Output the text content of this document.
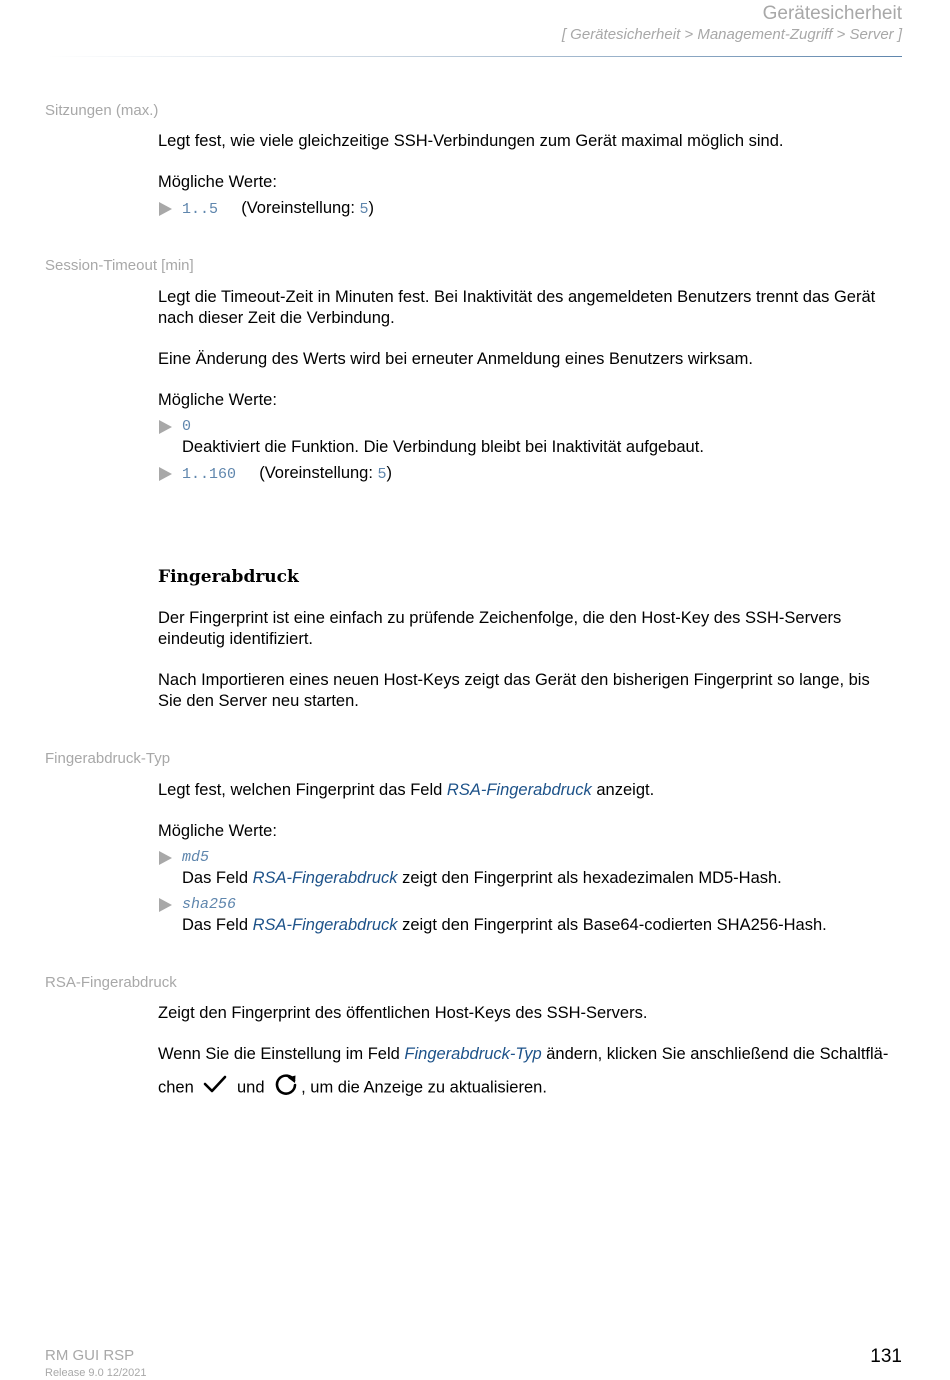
Gerätesicherheit
[ Gerätesicherheit > Management-Zugriff > Server ]
Sitzungen (max.)
Legt fest, wie viele gleichzeitige SSH-Verbindungen zum Gerät maximal möglich sind.
Mögliche Werte:
1..5 (Voreinstellung: 5)
Session-Timeout [min]
Legt die Timeout-Zeit in Minuten fest. Bei Inaktivität des angemeldeten Benutzers trennt das Gerät
nach dieser Zeit die Verbindung.
Eine Änderung des Werts wird bei erneuter Anmeldung eines Benutzers wirksam.
Mögliche Werte:
0
Deaktiviert die Funktion. Die Verbindung bleibt bei Inaktivität aufgebaut.
1..160 (Voreinstellung: 5)
Fingerabdruck
Der Fingerprint ist eine einfach zu prüfende Zeichenfolge, die den Host-Key des SSH-Servers
eindeutig identifiziert.
Nach Importieren eines neuen Host-Keys zeigt das Gerät den bisherigen Fingerprint so lange, bis
Sie den Server neu starten.
Fingerabdruck-Typ
Legt fest, welchen Fingerprint das Feld RSA-Fingerabdruck anzeigt.
Mögliche Werte:
md5
Das Feld RSA-Fingerabdruck zeigt den Fingerprint als hexadezimalen MD5-Hash.
sha256
Das Feld RSA-Fingerabdruck zeigt den Fingerprint als Base64-codierten SHA256-Hash.
RSA-Fingerabdruck
Zeigt den Fingerprint des öffentlichen Host-Keys des SSH-Servers.
Wenn Sie die Einstellung im Feld Fingerabdruck-Typ ändern, klicken Sie anschließend die Schaltflä-
chen	und , um die Anzeige zu aktualisieren.
RM GUI RSP
Release 9.0 12/2021
131
